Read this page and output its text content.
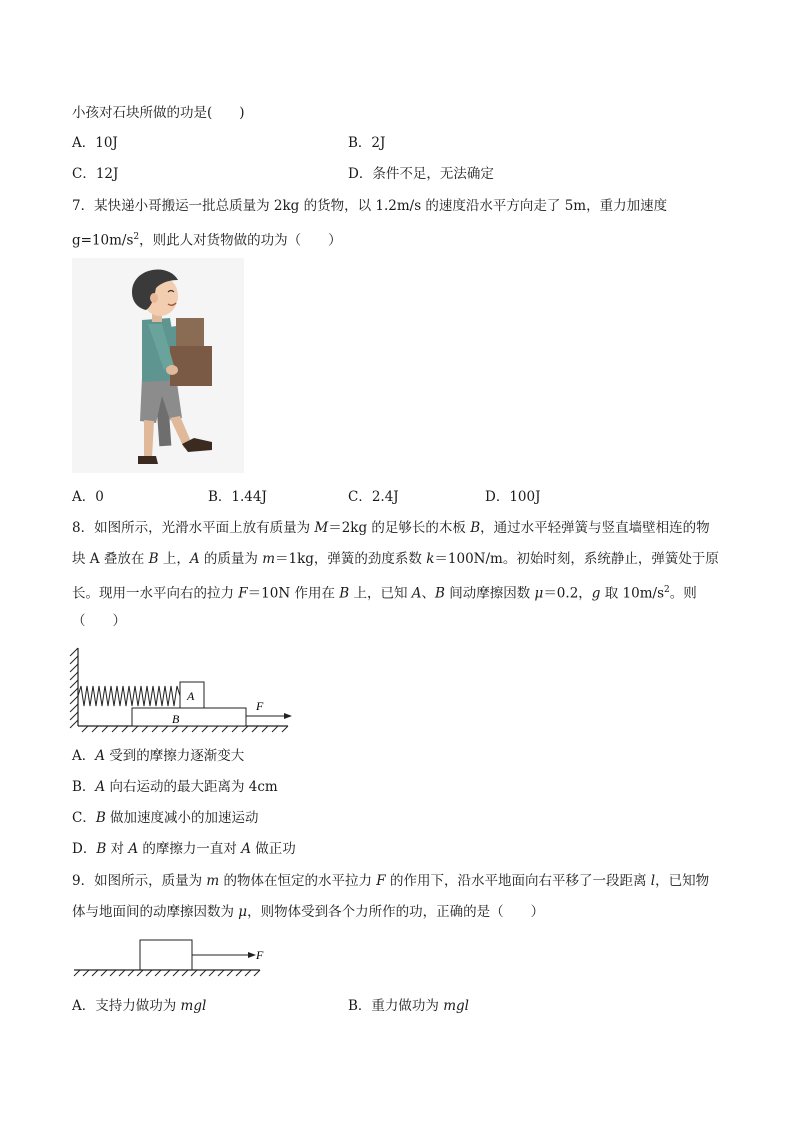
小孩对石块所做的功是(　　)
A．10J	B．2J
C．12J	D．条件不足，无法确定
7．某快递小哥搬运一批总质量为 2kg 的货物，以 1.2m/s 的速度沿水平方向走了 5m，重力加速度
$g=10m/s^2$，则此人对货物做的功为（　　）
A．0	B．1.44J	C．2.4J	D．100J
8．如图所示，光滑水平面上放有质量为 M＝2kg 的足够长的木板 B，通过水平轻弹簧与竖直墙壁相连的物
块 A 叠放在 B 上，A 的质量为 m＝1kg，弹簧的劲度系数 k＝100N/m。初始时刻，系统静止，弹簧处于原
长。现用一水平向右的拉力 F＝10N 作用在 B 上，已知 A、B 间动摩擦因数 μ＝0.2，g 取 $10m/s^2$。则
（　　）
A
B
F
A．A 受到的摩擦力逐渐变大
B．A 向右运动的最大距离为 4cm
C．B 做加速度减小的加速运动
D．B 对 A 的摩擦力一直对 A 做正功
9．如图所示，质量为 m 的物体在恒定的水平拉力 F 的作用下，沿水平地面向右平移了一段距离 l，已知物
体与地面间的动摩擦因数为 μ，则物体受到各个力所作的功，正确的是（　　）
F
A．支持力做功为 mgl	B．重力做功为 mgl
